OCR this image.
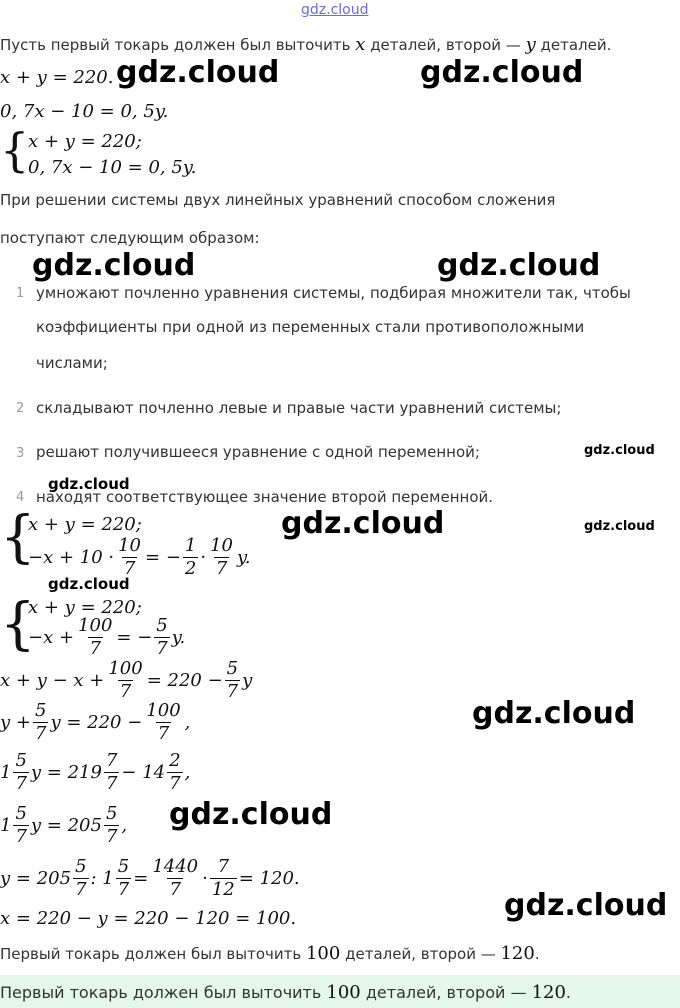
gdz.cloud
Пусть первый токарь должен был выточить x деталей, второй — y деталей.
x + y = 220. gdz.cloud	gdz.cloud
0, 7x − 10 = 0, 5y.
{
x + y = 220;
0, 7x − 10 = 0, 5y.
При решении системы двух линейных уравнений способом сложения
поступают следующим образом:
gdz.cloud	gdz.cloud
1 умножают почленно уравнения системы, подбирая множители так, чтобы
коэффициенты при одной из переменных стали противоположными
числами;
2 складывают почленно левые и правые части уравнений системы;
3 решают получившееся уравнение с одной переменной;	gdz.cloud
gdz.cloud
4 находят соответствующее значение второй переменной.
{
x + y = 220;	gdz.cloud	gdz.cloud
$-x + 10 \cdot \frac{10}{7}$ = − $\frac{1}{2} \cdot \frac{10}{7} y$.
gdz.cloud
{
x + y = 220;
$-x + \frac{100}{7}$ = − $\frac{5}{7} y$.
$x + y - x + \frac{100}{7} = 220 - \frac{5}{7}$ y
$y + \frac{5}{7}$ $y = 220 - \frac{100}{7}$ ,	gdz.cloud
$1 \frac{5}{7}$ $y = 219 \frac{7}{7} - 14 \frac{2}{7}$ ,
$1 \frac{5}{7}$ $y = 205 \frac{5}{7}$ , gdz.cloud
$y = 205 \frac{5}{7}$ : $1 \frac{5}{7} = \frac{1440}{7} \cdot \frac{7}{12} = 120$.
x = 220 − y = 220 − 120 = 100.	gdz.cloud
Первый токарь должен был выточить 100 деталей, второй — 120.
Первый токарь должен был выточить 100 деталей, второй — 120.
